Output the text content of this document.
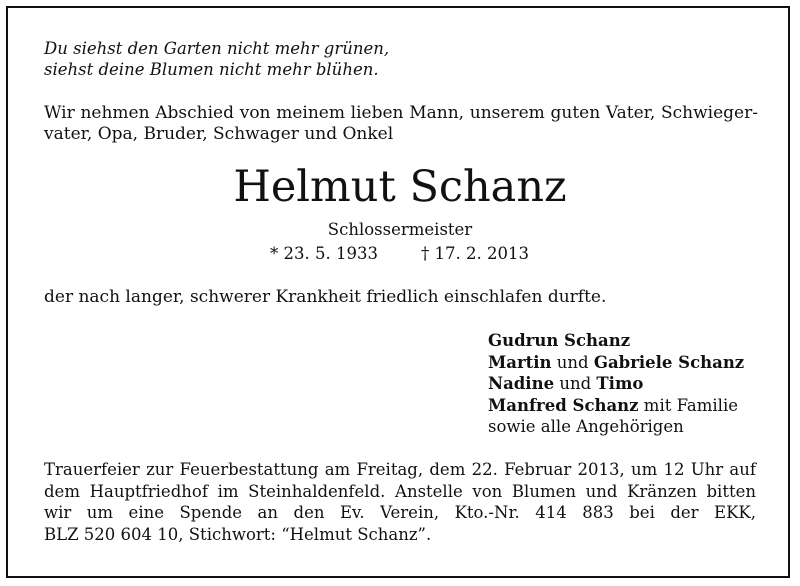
Du siehst den Garten nicht mehr grünen,
siehst deine Blumen nicht mehr blühen.
Wir nehmen Abschied von meinem lieben Mann, unserem guten Vater, Schwieger-
vater, Opa, Bruder, Schwager und Onkel
Helmut Schanz
Schlossermeister
* 23. 5. 1933	† 17. 2. 2013
der nach langer, schwerer Krankheit friedlich einschlafen durfte.
Gudrun Schanz
Martin und Gabriele Schanz
Nadine und Timo
Manfred Schanz mit Familie
sowie alle Angehörigen
Trauerfeier zur Feuerbestattung am Freitag, dem 22. Februar 2013, um 12 Uhr auf
dem Hauptfriedhof im Steinhaldenfeld. Anstelle von Blumen und Kränzen bitten
wir um eine Spende an den Ev. Verein, Kto.-Nr. 414 883 bei der EKK,
BLZ 520 604 10, Stichwort: “Helmut Schanz”.
